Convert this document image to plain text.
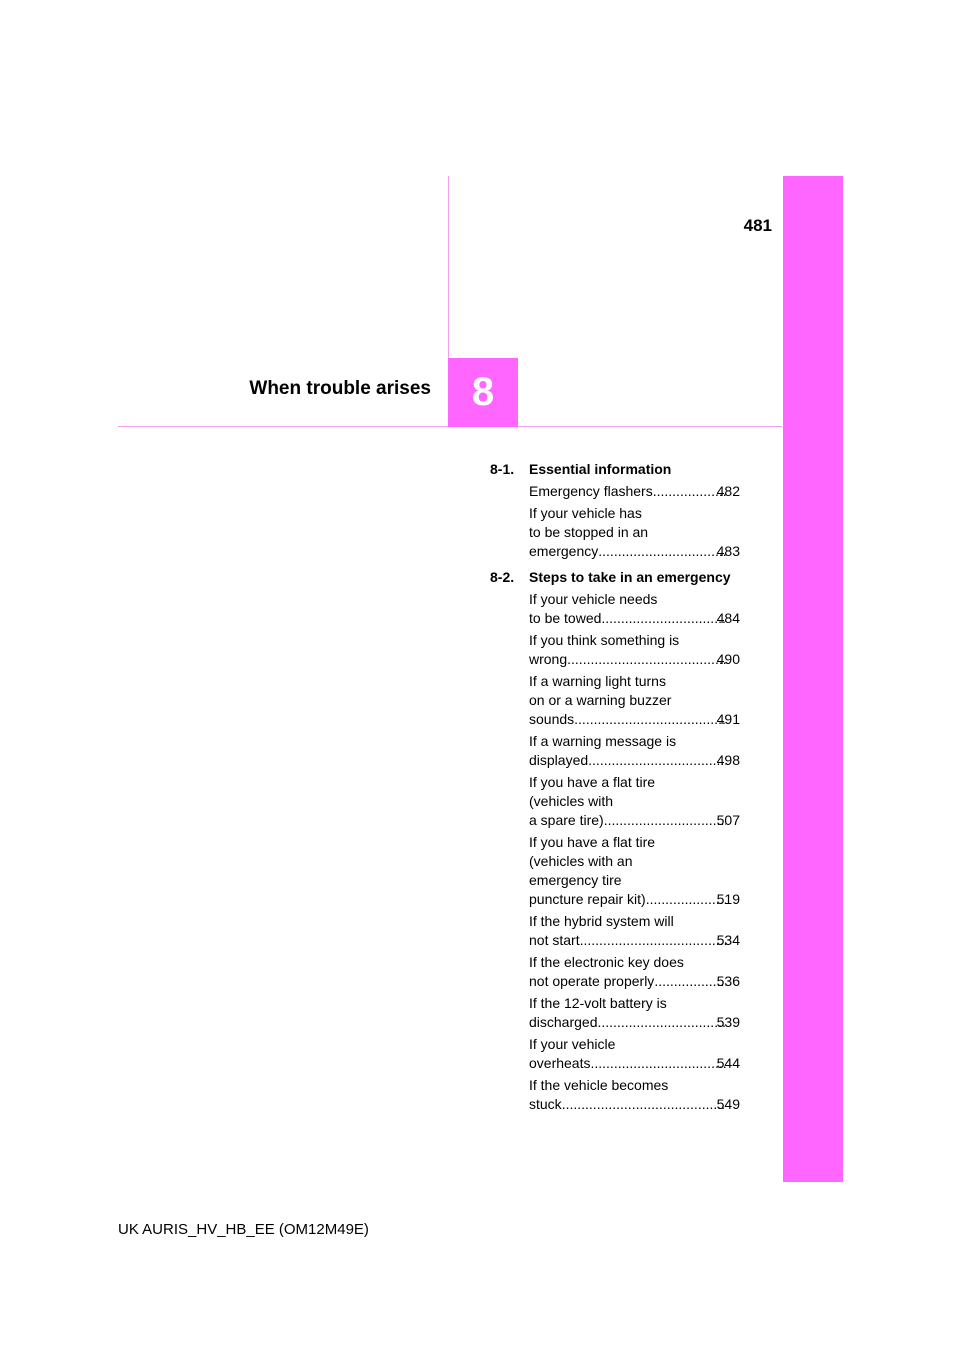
481
When trouble arises 8
8-1. Essential information
Emergency flashers .....	482
If your vehicle has
to be stopped in an
emergency .....	483
8-2. Steps to take in an emergency
If your vehicle needs
to be towed .....	484
If you think something is
wrong .....	490
If a warning light turns
on or a warning buzzer
sounds .....	491
If a warning message is
displayed .....	498
If you have a flat tire
(vehicles with
a spare tire) .....	507
If you have a flat tire
(vehicles with an
emergency tire
puncture repair kit) .....	519
If the hybrid system will
not start .....	534
If the electronic key does
not operate properly .....	536
If the 12-volt battery is
discharged .....	539
If your vehicle
overheats .....	544
If the vehicle becomes
stuck .....	549
UK AURIS_HV_HB_EE (OM12M49E)
